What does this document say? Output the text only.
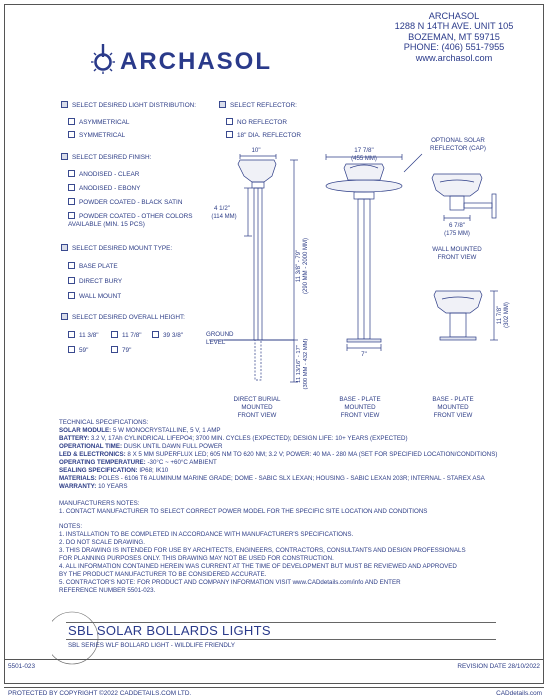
ARCHASOL
ARCHASOL
1288 N 14TH AVE. UNIT 105
BOZEMAN, MT 59715
PHONE: (406) 551-7955
www.archasol.com
SELECT DESIRED LIGHT DISTRIBUTION:
ASYMMETRICAL
SYMMETRICAL
SELECT REFLECTOR:
NO REFLECTOR
18" DIA. REFLECTOR
SELECT DESIRED FINISH:
ANODISED - CLEAR
ANODISED - EBONY
POWDER COATED - BLACK SATIN
POWDER COATED - OTHER COLORS
AVAILABLE (MIN. 15 PCS)
SELECT DESIRED MOUNT TYPE:
BASE PLATE
DIRECT BURY
WALL MOUNT
SELECT DESIRED OVERALL HEIGHT:
11 3/8"	11 7/8"	39 3/8"
59"	79"
10"
4 1/2"
(114 MM)
11 3/8" - 79" (290 MM - 2000 MM)
11 13/16" - 17" (300 MM - 432 MM)
GROUND
LEVEL
17 7/8"
(455 MM)
7"
OPTIONAL SOLAR
REFLECTOR (CAP)
6 7/8"
(175 MM)
WALL MOUNTED
FRONT VIEW
11 7/8" (302 MM)
DIRECT BURIAL
MOUNTED
FRONT VIEW
BASE - PLATE
MOUNTED
FRONT VIEW
BASE - PLATE
MOUNTED
FRONT VIEW
TECHNICAL SPECIFICATIONS:
SOLAR MODULE: 5 W MONOCRYSTALLINE, 5 V, 1 AMP
BATTERY: 3.2 V, 17Ah CYLINDRICAL LIFEPO4; 3700 MIN. CYCLES (EXPECTED); DESIGN LIFE: 10+ YEARS (EXPECTED)
OPERATIONAL TIME: DUSK UNTIL DAWN FULL POWER
LED & ELECTRONICS: 8 X 5 MM SUPERFLUX LED; 605 NM TO 620 NM; 3.2 V; POWER: 40 MA - 280 MA (SET FOR SPECIFIED LOCATION/CONDITIONS)
OPERATING TEMPERATURE: -30°C ~ +60°C AMBIENT
SEALING SPECIFICATION: IP68; IK10
MATERIALS: POLES - 6106 T6 ALUMINUM MARINE GRADE; DOME - SABIC SLX LEXAN; HOUSING - SABIC LEXAN 203R; INTERNAL - STAREX ASA
WARRANTY: 10 YEARS
MANUFACTURERS NOTES:
1. CONTACT MANUFACTURER TO SELECT CORRECT POWER MODEL FOR THE SPECIFIC SITE LOCATION AND CONDITIONS
NOTES:
1. INSTALLATION TO BE COMPLETED IN ACCORDANCE WITH MANUFACTURER'S SPECIFICATIONS.
2. DO NOT SCALE DRAWING.
3. THIS DRAWING IS INTENDED FOR USE BY ARCHITECTS, ENGINEERS, CONTRACTORS, CONSULTANTS AND DESIGN PROFESSIONALS
FOR PLANNING PURPOSES ONLY. THIS DRAWING MAY NOT BE USED FOR CONSTRUCTION.
4. ALL INFORMATION CONTAINED HEREIN WAS CURRENT AT THE TIME OF DEVELOPMENT BUT MUST BE REVIEWED AND APPROVED
BY THE PRODUCT MANUFACTURER TO BE CONSIDERED ACCURATE.
5. CONTRACTOR'S NOTE: FOR PRODUCT AND COMPANY INFORMATION VISIT www.CADdetails.com/info AND ENTER
REFERENCE NUMBER 5501-023.
SBL SOLAR BOLLARDS LIGHTS
SBL SERIES WLF BOLLARD LIGHT - WILDLIFE FRIENDLY
5501-023	REVISION DATE 28/10/2022
PROTECTED BY COPYRIGHT ©2022 CADDETAILS.COM LTD.	CADdetails.com
